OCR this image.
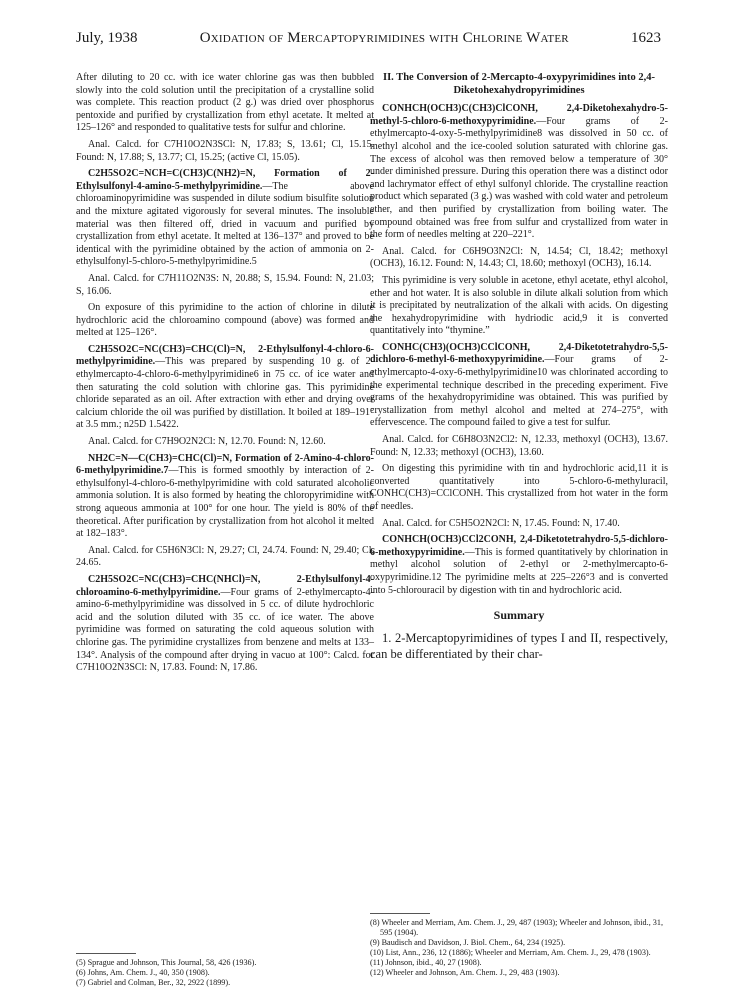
July, 1938	Oxidation of Mercaptopyrimidines with Chlorine Water	1623

After diluting to 20 cc. with ice water chlorine gas was then bubbled slowly into the cold solution until the precipitation of a crystalline solid was complete. This reaction product (2 g.) was dried over phosphorus pentoxide and purified by crystallization from ethyl acetate. It melted at 125–126° and responded to qualitative tests for sulfur and chlorine.

Anal. Calcd. for C7H10O2N3SCl: N, 17.83; S, 13.61; Cl, 15.15. Found: N, 17.88; S, 13.77; Cl, 15.25; (active Cl, 15.05).

C2H5SO2C=NCH=C(CH3)C(NH2)=N, Formation of 2-Ethylsulfonyl-4-amino-5-methylpyrimidine.—The above chloroaminopyrimidine was suspended in dilute sodium bisulfite solution and the mixture agitated vigorously for several minutes. The insoluble material was then filtered off, dried in vacuum and purified by crystallization from ethyl acetate. It melted at 136–137° and proved to be identical with the pyrimidine obtained by the action of ammonia on 2-ethylsulfonyl-5-chloro-5-methylpyrimidine.5

Anal. Calcd. for C7H11O2N3S: N, 20.88; S, 15.94. Found: N, 21.03; S, 16.06.

On exposure of this pyrimidine to the action of chlorine in dilute hydrochloric acid the chloroamino compound (above) was formed and melted at 125–126°.

C2H5SO2C=NC(CH3)=CHC(Cl)=N, 2-Ethylsulfonyl-4-chloro-6-methylpyrimidine.—This was prepared by suspending 10 g. of 2-ethylmercapto-4-chloro-6-methylpyrimidine6 in 75 cc. of ice water and then saturating the cold solution with chlorine gas. This pyrimidine chloride separated as an oil. After extraction with ether and drying over calcium chloride the oil was purified by distillation. It boiled at 189–191° at 3.5 mm.; n25D 1.5422.

Anal. Calcd. for C7H9O2N2Cl: N, 12.70. Found: N, 12.60.

NH2C=N—C(CH3)=CHC(Cl)=N, Formation of 2-Amino-4-chloro-6-methylpyrimidine.7—This is formed smoothly by interaction of 2-ethylsulfonyl-4-chloro-6-methylpyrimidine with cold saturated alcoholic ammonia solution. It is also formed by heating the chloropyrimidine with strong aqueous ammonia at 100° for one hour. The yield is 80% of the theoretical. After purification by crystallization from hot alcohol it melted at 182–183°.

Anal. Calcd. for C5H6N3Cl: N, 29.27; Cl, 24.74. Found: N, 29.40; Cl, 24.65.

C2H5SO2C=NC(CH3)=CHC(NHCl)=N, 2-Ethylsulfonyl-4-chloroamino-6-methylpyrimidine.—Four grams of 2-ethylmercapto-4-amino-6-methylpyrimidine was dissolved in 5 cc. of dilute hydrochloric acid and the solution diluted with 35 cc. of ice water. The above pyrimidine was formed on saturating the cold aqueous solution with chlorine gas. The pyrimidine crystallizes from benzene and melts at 133–134°. Analysis of the compound after drying in vacuo at 100°: Calcd. for C7H10O2N3SCl: N, 17.83. Found: N, 17.86.

(5) Sprague and Johnson, This Journal, 58, 426 (1936).

(6) Johns, Am. Chem. J., 40, 350 (1908).

(7) Gabriel and Colman, Ber., 32, 2922 (1899).

II. The Conversion of 2-Mercapto-4-oxypyrimidines into 2,4-Diketohexahydropyrimidines

CONHCH(OCH3)C(CH3)ClCONH, 2,4-Diketohexahydro-5-methyl-5-chloro-6-methoxypyrimidine.—Four grams of 2-ethylmercapto-4-oxy-5-methylpyrimidine8 was dissolved in 50 cc. of methyl alcohol and the ice-cooled solution saturated with chlorine gas. The excess of alcohol was then removed below a temperature of 30° under diminished pressure. During this operation there was a distinct odor and lachrymator effect of ethyl sulfonyl chloride. The crystalline reaction product which separated (3 g.) was washed with cold water and petroleum ether, and then purified by crystallization from boiling water. The compound obtained was free from sulfur and crystallized from water in the form of needles melting at 220–221°.

Anal. Calcd. for C6H9O3N2Cl: N, 14.54; Cl, 18.42; methoxyl (OCH3), 16.12. Found: N, 14.43; Cl, 18.60; methoxyl (OCH3), 16.14.

This pyrimidine is very soluble in acetone, ethyl acetate, ethyl alcohol, ether and hot water. It is also soluble in dilute alkali solution from which it is precipitated by neutralization of the alkali with acids. On digesting the hexahydropyrimidine with hydriodic acid,9 it is converted quantitatively into “thymine.”

CONHC(CH3)(OCH3)CClCONH, 2,4-Diketotetrahydro-5,5-dichloro-6-methyl-6-methoxypyrimidine.—Four grams of 2-ethylmercapto-4-oxy-6-methylpyrimidine10 was chlorinated according to the experimental technique described in the preceding experiment. Five grams of the hexahydropyrimidine was obtained. This was purified by crystallization from methyl alcohol and melted at 274–275°, with effervescence. The compound failed to give a test for sulfur.

Anal. Calcd. for C6H8O3N2Cl2: N, 12.33, methoxyl (OCH3), 13.67. Found: N, 12.33; methoxyl (OCH3), 13.60.

On digesting this pyrimidine with tin and hydrochloric acid,11 it is converted quantitatively into 5-chloro-6-methyluracil, CONHC(CH3)=CClCONH. This crystallized from hot water in the form of needles.

Anal. Calcd. for C5H5O2N2Cl: N, 17.45. Found: N, 17.40.

CONHCH(OCH3)CCl2CONH, 2,4-Diketotetrahydro-5,5-dichloro-6-methoxypyrimidine.—This is formed quantitatively by chlorination in methyl alcohol solution of 2-ethyl or 2-methylmercapto-6-oxypyrimidine.12 The pyrimidine melts at 225–226°3 and is converted into 5-chlorouracil by digestion with tin and hydrochloric acid.

Summary

1. 2-Mercaptopyrimidines of types I and II, respectively, can be differentiated by their char-

(8) Wheeler and Merriam, Am. Chem. J., 29, 487 (1903); Wheeler and Johnson, ibid., 31, 595 (1904).

(9) Baudisch and Davidson, J. Biol. Chem., 64, 234 (1925).

(10) List, Ann., 236, 12 (1886); Wheeler and Merriam, Am. Chem. J., 29, 478 (1903).

(11) Johnson, ibid., 40, 27 (1908).

(12) Wheeler and Johnson, Am. Chem. J., 29, 483 (1903).
